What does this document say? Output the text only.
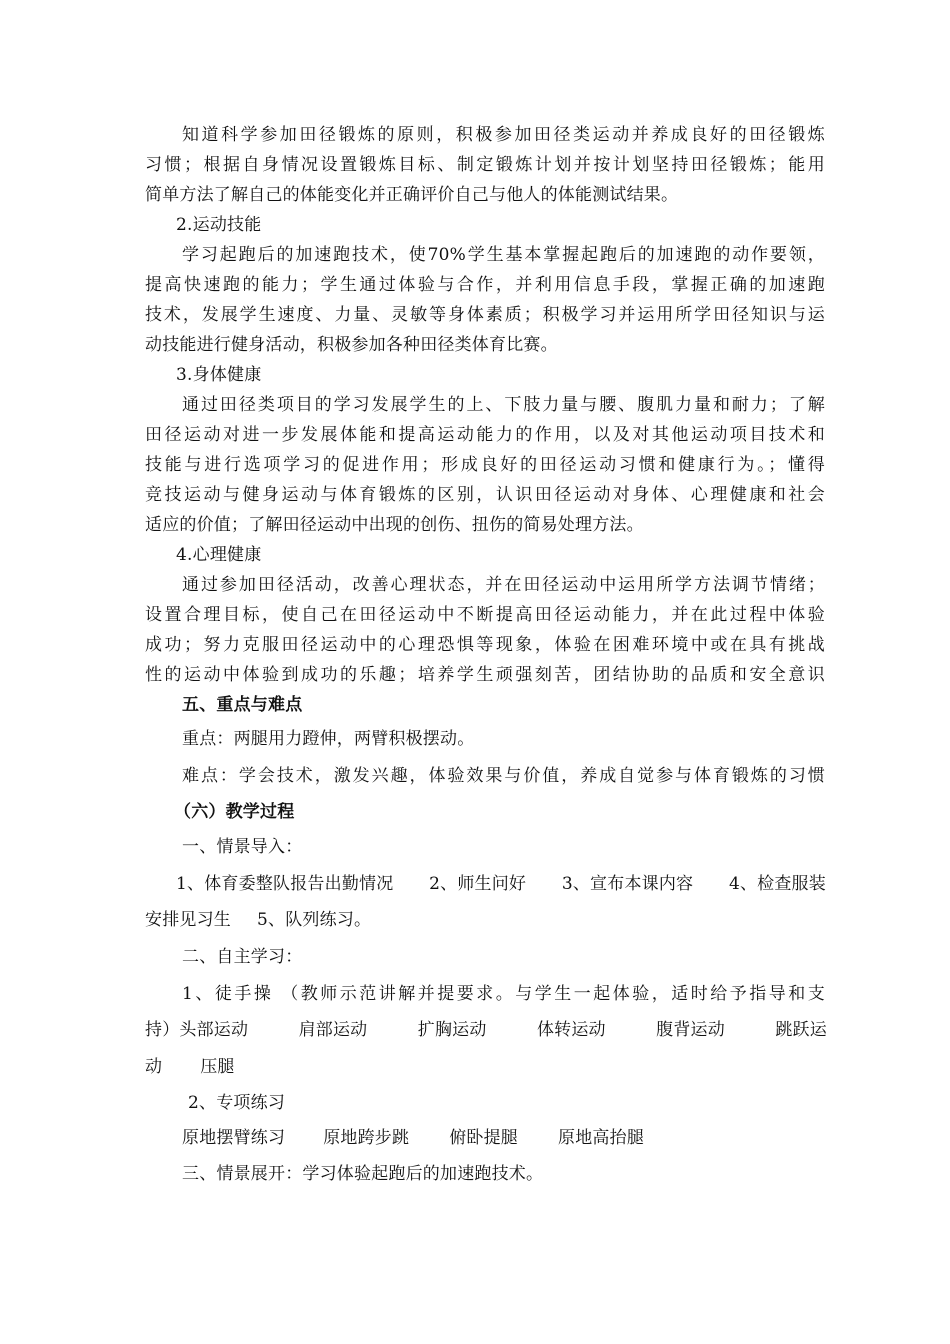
知道科学参加田径锻炼的原则，积极参加田径类运动并养成良好的田径锻炼
习惯；根据自身情况设置锻炼目标、制定锻炼计划并按计划坚持田径锻炼；能用
简单方法了解自己的体能变化并正确评价自己与他人的体能测试结果。
2.运动技能
学习起跑后的加速跑技术，使70%学生基本掌握起跑后的加速跑的动作要领，
提高快速跑的能力；学生通过体验与合作，并利用信息手段，掌握正确的加速跑
技术，发展学生速度、力量、灵敏等身体素质；积极学习并运用所学田径知识与运
动技能进行健身活动，积极参加各种田径类体育比赛。
3.身体健康
通过田径类项目的学习发展学生的上、下肢力量与腰、腹肌力量和耐力；了解
田径运动对进一步发展体能和提高运动能力的作用，以及对其他运动项目技术和
技能与进行选项学习的促进作用；形成良好的田径运动习惯和健康行为。；懂得
竞技运动与健身运动与体育锻炼的区别，认识田径运动对身体、心理健康和社会
适应的价值；了解田径运动中出现的创伤、扭伤的简易处理方法。
4.心理健康
通过参加田径活动，改善心理状态，并在田径运动中运用所学方法调节情绪；
设置合理目标，使自己在田径运动中不断提高田径运动能力，并在此过程中体验
成功；努力克服田径运动中的心理恐惧等现象，体验在困难环境中或在具有挑战
性的运动中体验到成功的乐趣；培养学生顽强刻苦，团结协助的品质和安全意识
五、重点与难点
重点：两腿用力蹬伸，两臂积极摆动。
难点：学会技术，激发兴趣，体验效果与价值，养成自觉参与体育锻炼的习惯
（六）教学过程
一、情景导入：
1、体育委整队报告出勤情况 2、师生问好 3、宣布本课内容 4、检查服装
安排见习生 5、队列练习。
二、自主学习：
1、徒手操 （教师示范讲解并提要求。与学生一起体验，适时给予指导和支
持）头部运动	肩部运动	扩胸运动	体转运动	腹背运动	跳跃运
动 压腿
2、专项练习
原地摆臂练习 原地跨步跳 俯卧提腿 原地高抬腿
三、情景展开：学习体验起跑后的加速跑技术。
